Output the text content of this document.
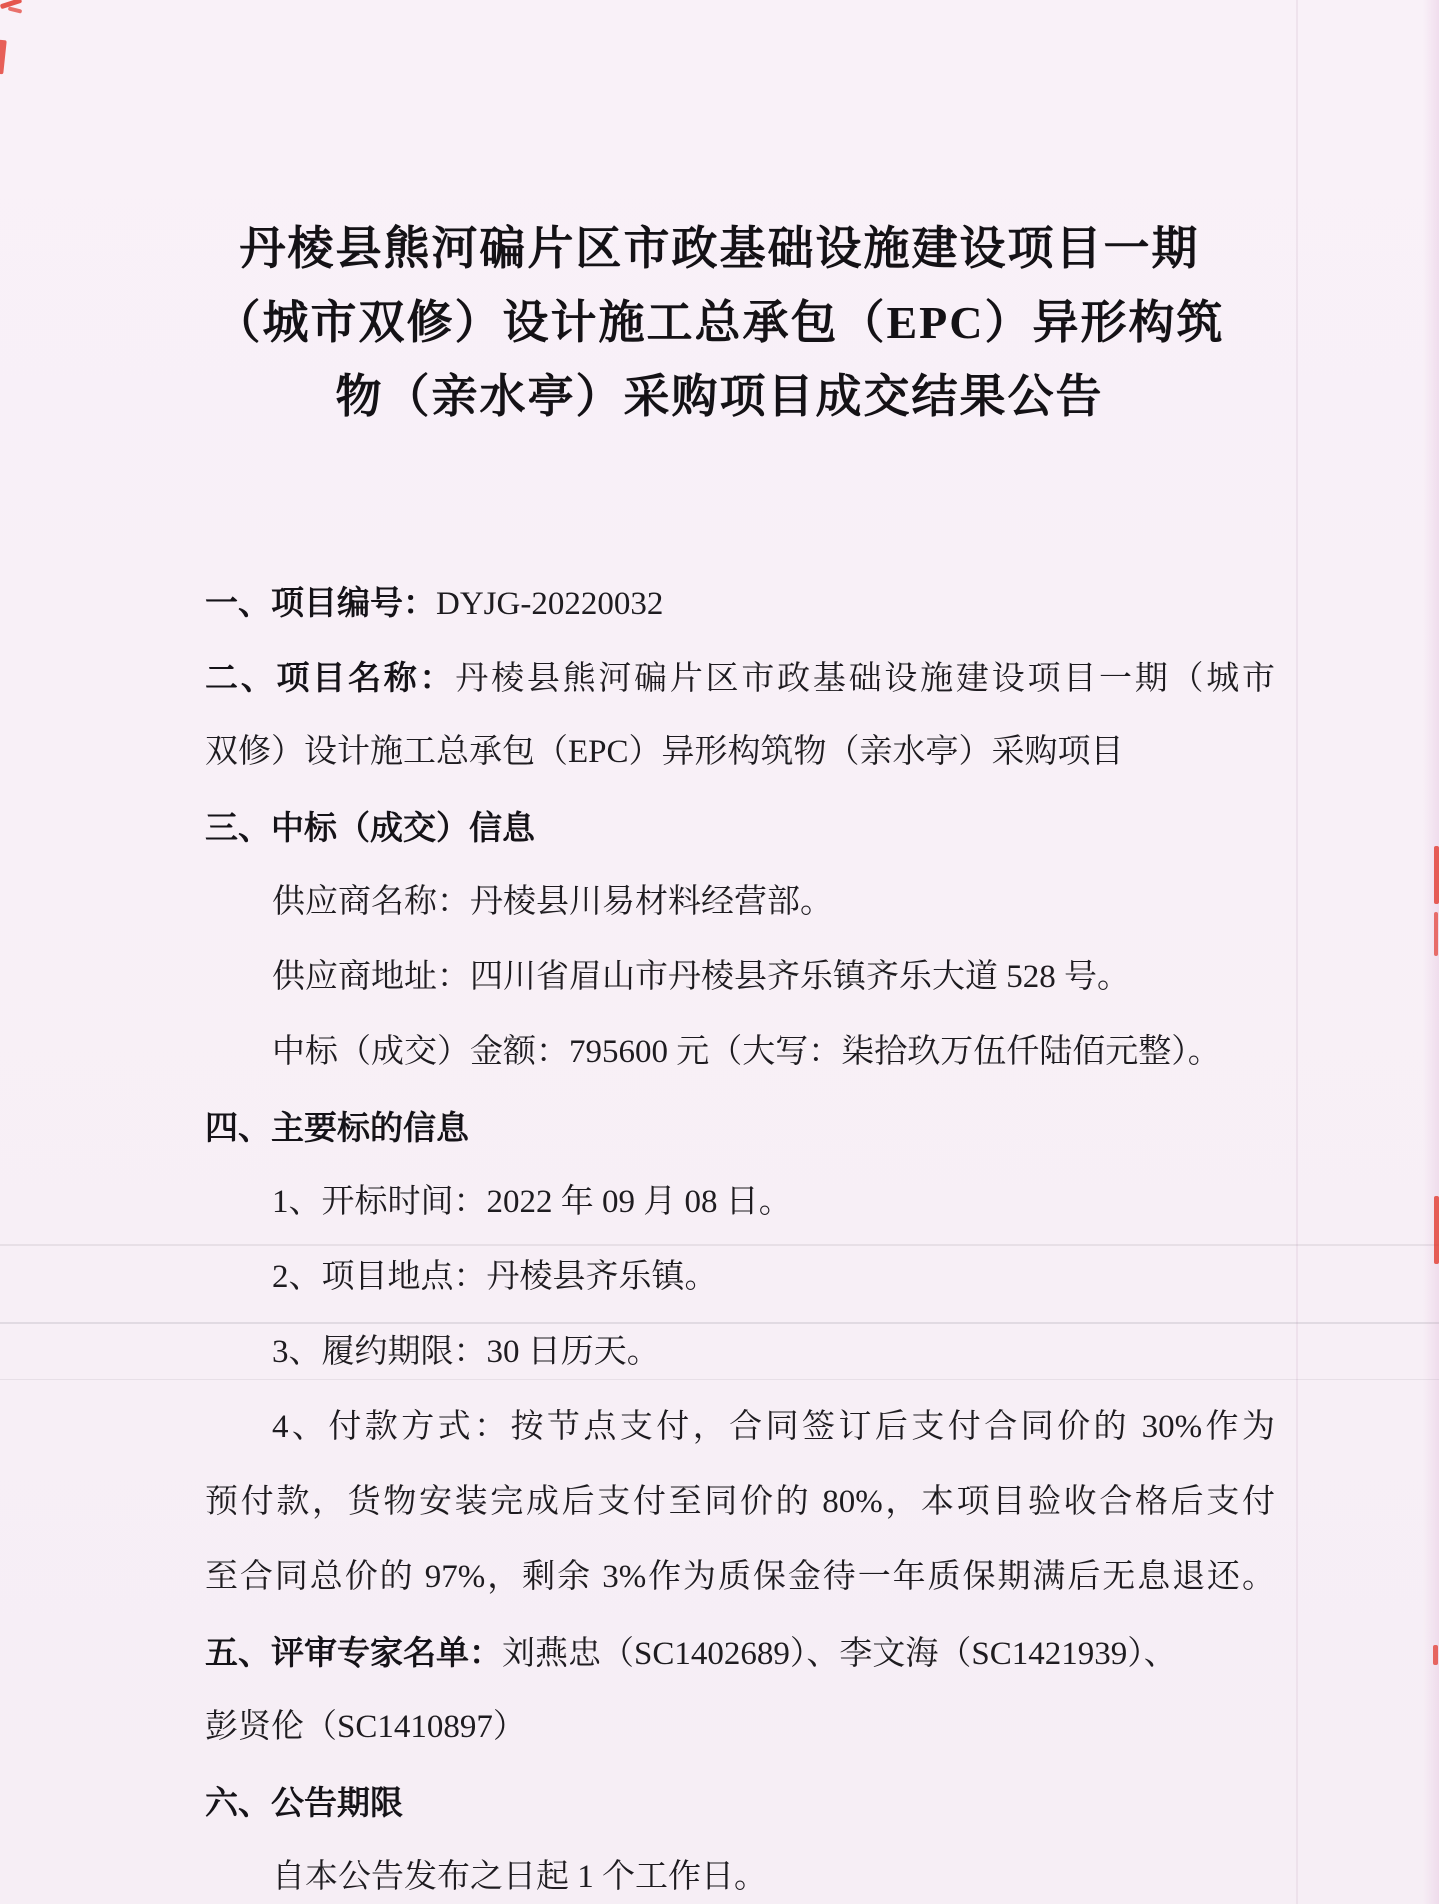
丹棱县熊河碥片区市政基础设施建设项目一期
（城市双修）设计施工总承包（EPC）异形构筑
物（亲水亭）采购项目成交结果公告
一、项目编号：DYJG-20220032
二、项目名称：丹棱县熊河碥片区市政基础设施建设项目一期（城市
双修）设计施工总承包（EPC）异形构筑物（亲水亭）采购项目
三、中标（成交）信息
供应商名称：丹棱县川易材料经营部。
供应商地址：四川省眉山市丹棱县齐乐镇齐乐大道 528 号。
中标（成交）金额：795600 元（大写：柒拾玖万伍仟陆佰元整）。
四、主要标的信息
1、开标时间：2022 年 09 月 08 日。
2、项目地点：丹棱县齐乐镇。
3、履约期限：30 日历天。
4、付款方式：按节点支付，合同签订后支付合同价的 30%作为
预付款，货物安装完成后支付至同价的 80%，本项目验收合格后支付
至合同总价的 97%，剩余 3%作为质保金待一年质保期满后无息退还。
五、评审专家名单：刘燕忠（SC1402689）、李文海（SC1421939）、
彭贤伦（SC1410897）
六、公告期限
自本公告发布之日起 1 个工作日。
